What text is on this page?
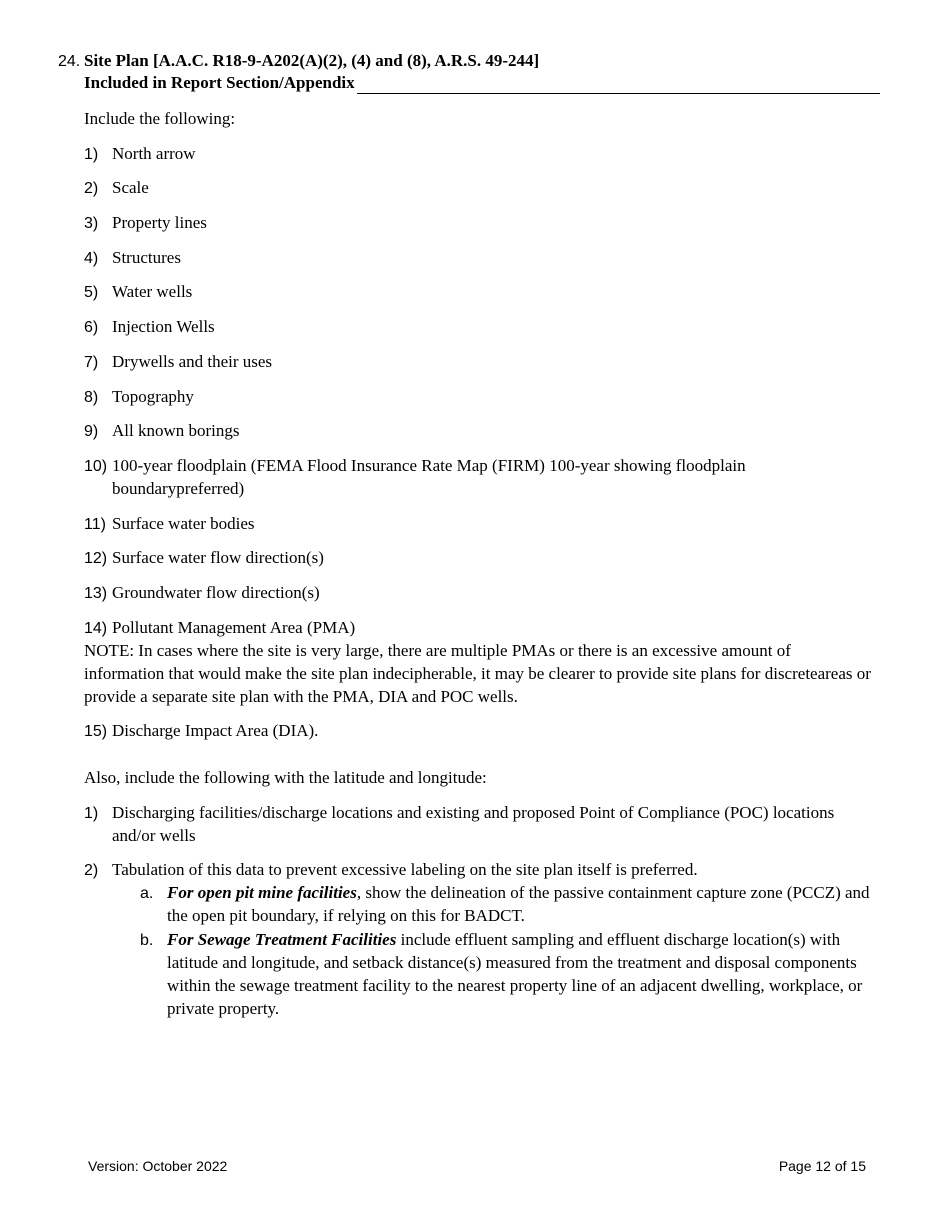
24. Site Plan [A.A.C. R18-9-A202(A)(2), (4) and (8), A.R.S. 49-244]
Included in Report Section/Appendix
Include the following:
1) North arrow
2) Scale
3) Property lines
4) Structures
5) Water wells
6) Injection Wells
7) Drywells and their uses
8) Topography
9) All known borings
10) 100-year floodplain (FEMA Flood Insurance Rate Map (FIRM) 100-year showing floodplain boundarypreferred)
11) Surface water bodies
12) Surface water flow direction(s)
13) Groundwater flow direction(s)
14) Pollutant Management Area (PMA)
NOTE: In cases where the site is very large, there are multiple PMAs or there is an excessive amount of information that would make the site plan indecipherable, it may be clearer to provide site plans for discreteareas or provide a separate site plan with the PMA, DIA and POC wells.
15) Discharge Impact Area (DIA).
Also, include the following with the latitude and longitude:
1) Discharging facilities/discharge locations and existing and proposed Point of Compliance (POC) locations and/or wells
2) Tabulation of this data to prevent excessive labeling on the site plan itself is preferred.
a. For open pit mine facilities, show the delineation of the passive containment capture zone (PCCZ) and the open pit boundary, if relying on this for BADCT.
b. For Sewage Treatment Facilities include effluent sampling and effluent discharge location(s) with latitude and longitude, and setback distance(s) measured from the treatment and disposal components within the sewage treatment facility to the nearest property line of an adjacent dwelling, workplace, or private property.
Version: October 2022	Page 12 of 15
